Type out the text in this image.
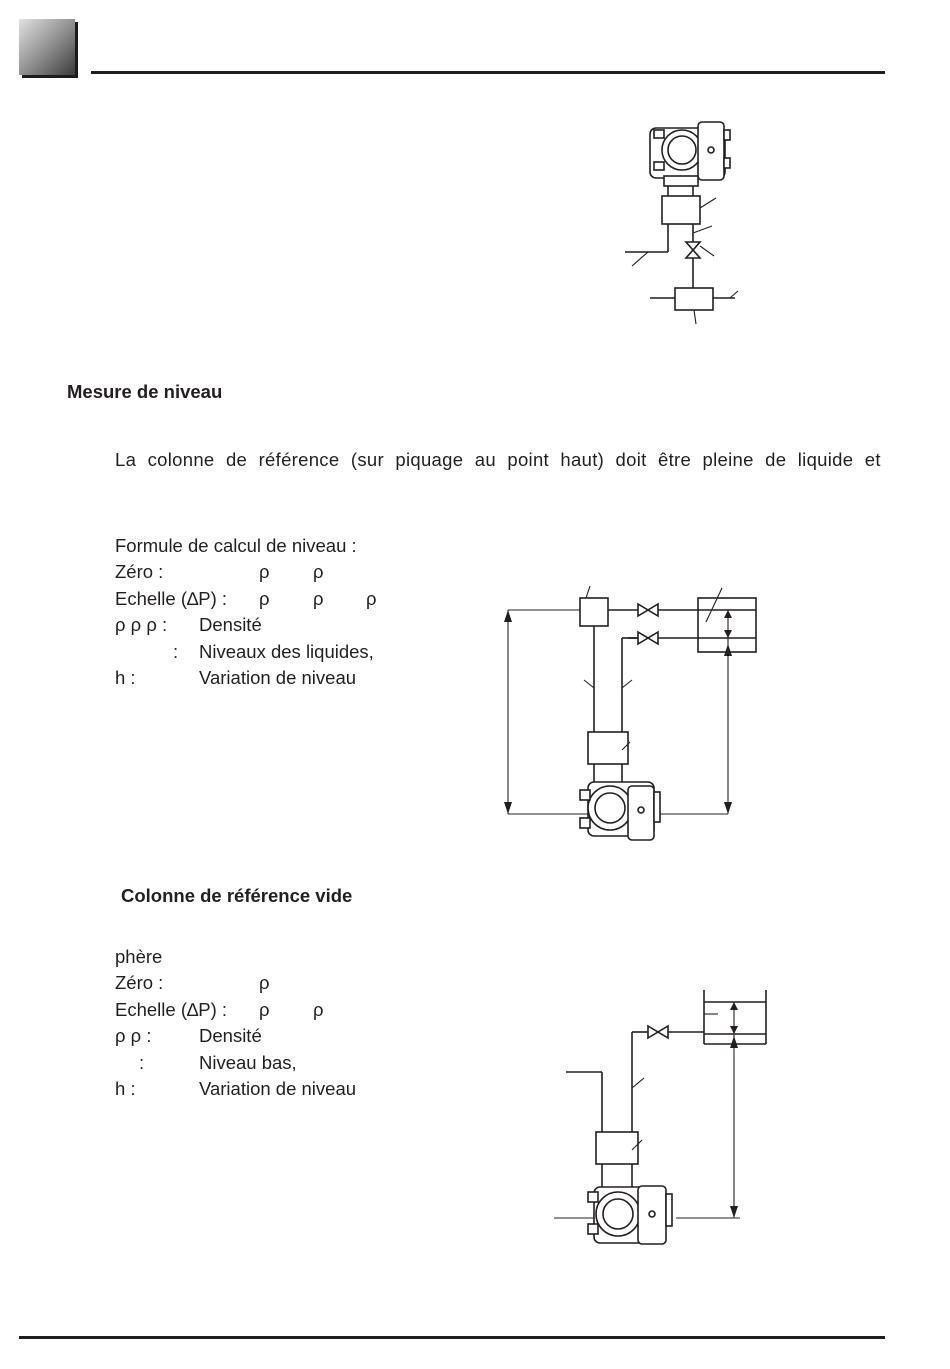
Mesure de niveau
La colonne de référence (sur piquage au point haut) doit être pleine de liquide et
Formule de calcul de niveau :
Zéro :	ρ ρ
Echelle (∆P) : ρ ρ ρ
ρ ρ ρ : Densité
: Niveaux des liquides,
h :	Variation de niveau
Colonne de référence vide
phère
Zéro :	ρ
Echelle (∆P) : ρ ρ
ρ ρ :	Densité
:	Niveau bas,
h :	Variation de niveau
